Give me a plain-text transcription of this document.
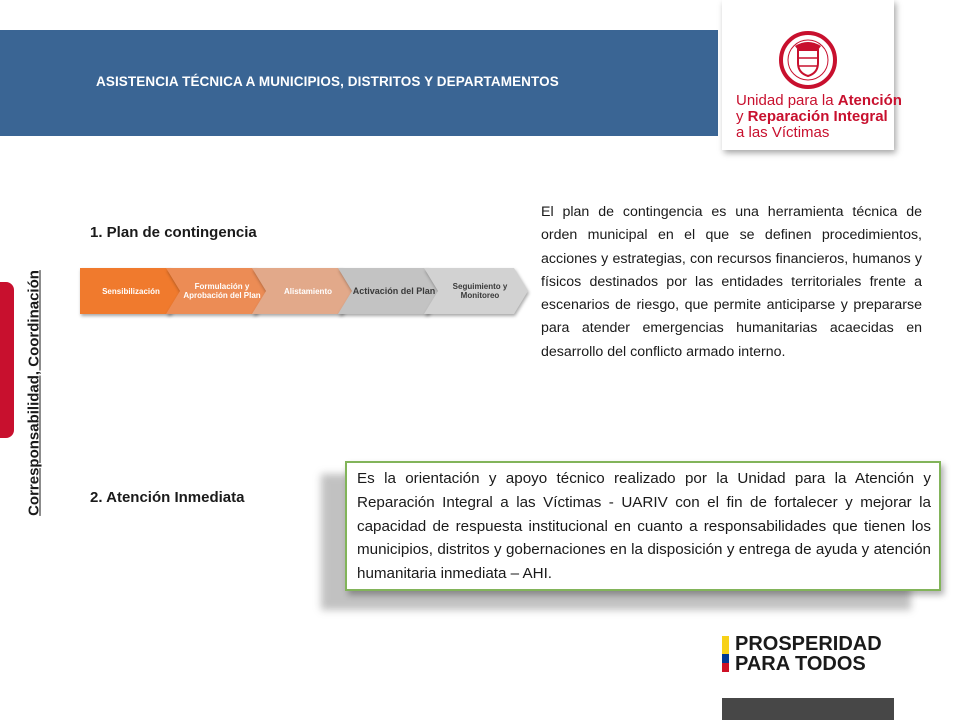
ASISTENCIA TÉCNICA A MUNICIPIOS, DISTRITOS Y DEPARTAMENTOS
Unidad para la Atención
y Reparación Integral
a las Víctimas
Corresponsabilidad, Coordinación
1. Plan de contingencia
Sensibilización	Formulación y Aprobación del Plan	Alistamiento	Activación del Plan	Seguimiento y Monitoreo
El plan de contingencia es una herramienta técnica de orden municipal en el que se definen procedimientos, acciones y estrategias, con recursos financieros, humanos y físicos destinados por las entidades territoriales frente a escenarios de riesgo, que permite anticiparse y prepararse para atender emergencias humanitarias acaecidas en desarrollo del conflicto armado interno.
2. Atención Inmediata
Es la orientación y apoyo técnico realizado por la Unidad para la Atención y Reparación Integral a las Víctimas - UARIV con el fin de fortalecer y mejorar la capacidad de respuesta institucional en cuanto a responsabilidades que tienen los municipios, distritos y gobernaciones en la disposición y entrega de ayuda y atención humanitaria inmediata – AHI.
PROSPERIDAD
PARA TODOS
